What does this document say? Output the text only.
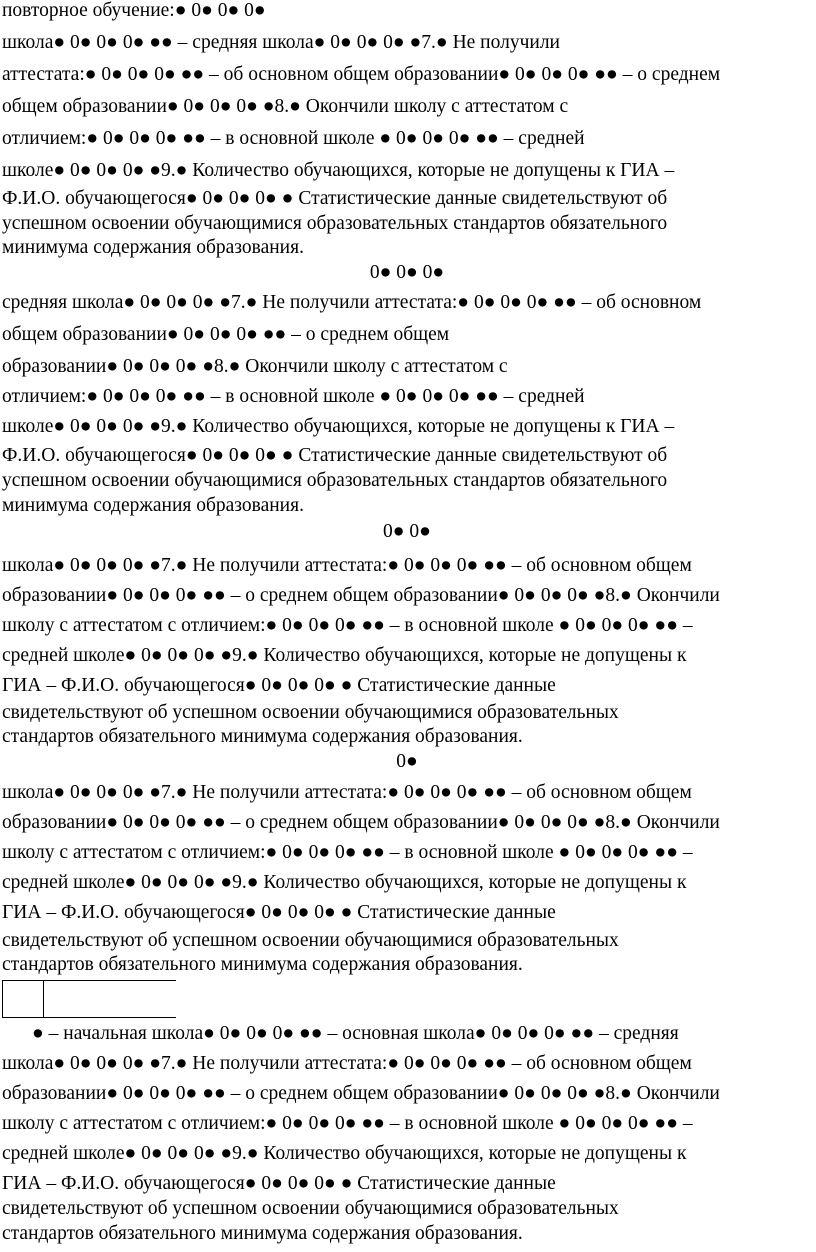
повторное обучение:● 0● 0● 0●
школа● 0● 0● 0● ●● – средняя школа● 0● 0● 0● ●7.● Не получили
аттестата:● 0● 0● 0● ●● – об основном общем образовании● 0● 0● 0● ●● – о среднем
общем образовании● 0● 0● 0● ●8.● Окончили школу с аттестатом с
отличием:● 0● 0● 0● ●● – в основной школе ● 0● 0● 0● ●● – средней
школе● 0● 0● 0● ●9.● Количество обучающихся, которые не допущены к ГИА –
Ф.И.О. обучающегося● 0● 0● 0● ● Статистические данные свидетельствуют об
успешном освоении обучающимися образовательных стандартов обязательного
минимума содержания образования.
0● 0● 0●
средняя школа● 0● 0● 0● ●7.● Не получили аттестата:● 0● 0● 0● ●● – об основном
общем образовании● 0● 0● 0● ●● – о среднем общем
образовании● 0● 0● 0● ●8.● Окончили школу с аттестатом с
отличием:● 0● 0● 0● ●● – в основной школе ● 0● 0● 0● ●● – средней
школе● 0● 0● 0● ●9.● Количество обучающихся, которые не допущены к ГИА –
Ф.И.О. обучающегося● 0● 0● 0● ● Статистические данные свидетельствуют об
успешном освоении обучающимися образовательных стандартов обязательного
минимума содержания образования.
0● 0●
школа● 0● 0● 0● ●7.● Не получили аттестата:● 0● 0● 0● ●● – об основном общем
образовании● 0● 0● 0● ●● – о среднем общем образовании● 0● 0● 0● ●8.● Окончили
школу с аттестатом с отличием:● 0● 0● 0● ●● – в основной школе ● 0● 0● 0● ●● –
средней школе● 0● 0● 0● ●9.● Количество обучающихся, которые не допущены к
ГИА – Ф.И.О. обучающегося● 0● 0● 0● ● Статистические данные
свидетельствуют об успешном освоении обучающимися образовательных
стандартов обязательного минимума содержания образования.
0●
школа● 0● 0● 0● ●7.● Не получили аттестата:● 0● 0● 0● ●● – об основном общем
образовании● 0● 0● 0● ●● – о среднем общем образовании● 0● 0● 0● ●8.● Окончили
школу с аттестатом с отличием:● 0● 0● 0● ●● – в основной школе ● 0● 0● 0● ●● –
средней школе● 0● 0● 0● ●9.● Количество обучающихся, которые не допущены к
ГИА – Ф.И.О. обучающегося● 0● 0● 0● ● Статистические данные
свидетельствуют об успешном освоении обучающимися образовательных
стандартов обязательного минимума содержания образования.
● – начальная школа● 0● 0● 0● ●● – основная школа● 0● 0● 0● ●● – средняя
школа● 0● 0● 0● ●7.● Не получили аттестата:● 0● 0● 0● ●● – об основном общем
образовании● 0● 0● 0● ●● – о среднем общем образовании● 0● 0● 0● ●8.● Окончили
школу с аттестатом с отличием:● 0● 0● 0● ●● – в основной школе ● 0● 0● 0● ●● –
средней школе● 0● 0● 0● ●9.● Количество обучающихся, которые не допущены к
ГИА – Ф.И.О. обучающегося● 0● 0● 0● ● Статистические данные
свидетельствуют об успешном освоении обучающимися образовательных
стандартов обязательного минимума содержания образования.
